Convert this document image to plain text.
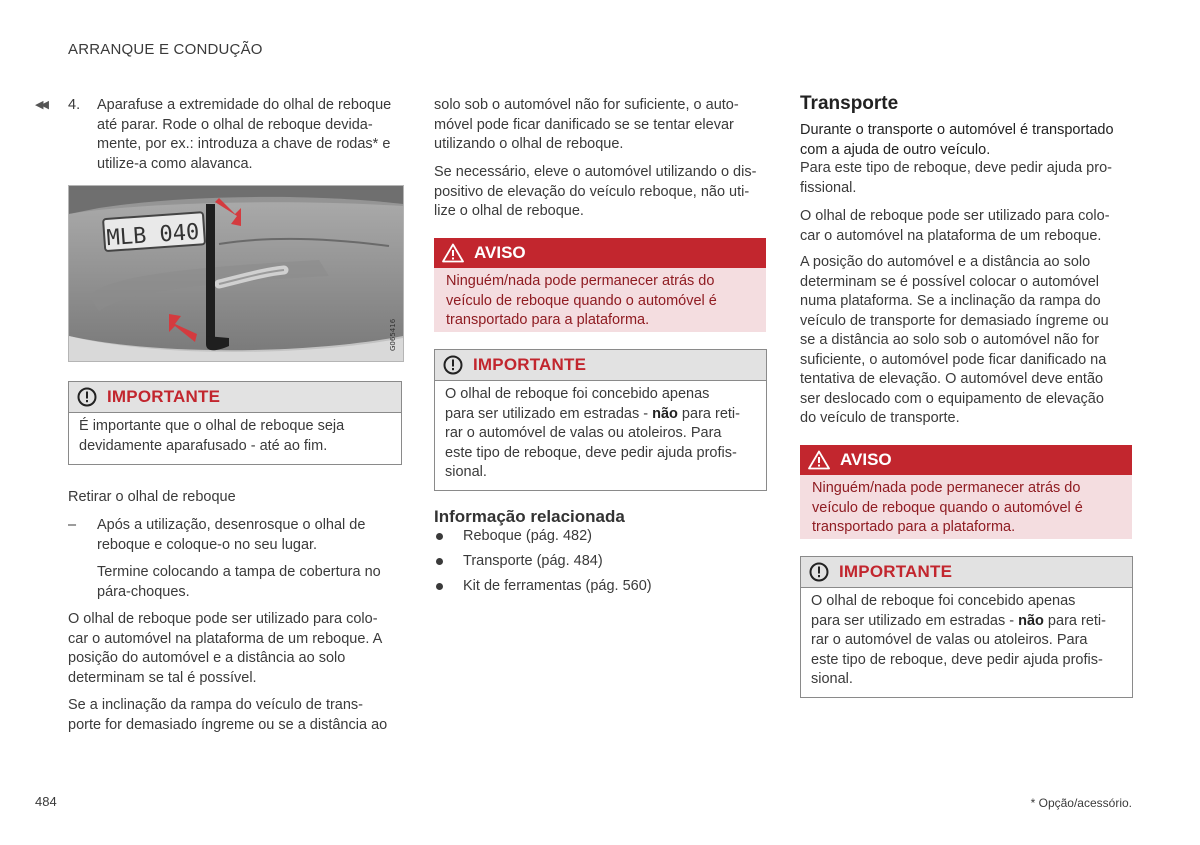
ARRANQUE E CONDUÇÃO
◀◀ 4. Aparafuse a extremidade do olhal de reboque

até parar. Rode o olhal de reboque devida-

mente, por ex.: introduza a chave de rodas* e

utilize-a como alavanca.

MLB 040
G065416
IMPORTANTE

É importante que o olhal de reboque seja

devidamente aparafusado - até ao fim.

Retirar o olhal de reboque

– Após a utilização, desenrosque o olhal de

reboque e coloque-o no seu lugar.

Termine colocando a tampa de cobertura no

pára-choques.

O olhal de reboque pode ser utilizado para colo-

car o automóvel na plataforma de um reboque. A

posição do automóvel e a distância ao solo

determinam se tal é possível.

Se a inclinação da rampa do veículo de trans-

porte for demasiado íngreme ou se a distância ao

solo sob o automóvel não for suficiente, o auto-

móvel pode ficar danificado se se tentar elevar

utilizando o olhal de reboque.

Se necessário, eleve o automóvel utilizando o dis-

positivo de elevação do veículo reboque, não uti-

lize o olhal de reboque.

AVISO

Ninguém/nada pode permanecer atrás do

veículo de reboque quando o automóvel é

transportado para a plataforma.

IMPORTANTE

O olhal de reboque foi concebido apenas

para ser utilizado em estradas - não para reti-

rar o automóvel de valas ou atoleiros. Para

este tipo de reboque, deve pedir ajuda profis-

sional.

Informação relacionada
Reboque (pág. 482)
Transporte (pág. 484)
Kit de ferramentas (pág. 560)
Transporte

Durante o transporte o automóvel é transportado

com a ajuda de outro veículo.

Para este tipo de reboque, deve pedir ajuda pro-

fissional.

O olhal de reboque pode ser utilizado para colo-

car o automóvel na plataforma de um reboque.

A posição do automóvel e a distância ao solo

determinam se é possível colocar o automóvel

numa plataforma. Se a inclinação da rampa do

veículo de transporte for demasiado íngreme ou

se a distância ao solo sob o automóvel não for

suficiente, o automóvel pode ficar danificado na

tentativa de elevação. O automóvel deve então

ser deslocado com o equipamento de elevação

do veículo de transporte.

AVISO

Ninguém/nada pode permanecer atrás do

veículo de reboque quando o automóvel é

transportado para a plataforma.

IMPORTANTE

O olhal de reboque foi concebido apenas

para ser utilizado em estradas - não para reti-

rar o automóvel de valas ou atoleiros. Para

este tipo de reboque, deve pedir ajuda profis-

sional.

484	* Opção/acessório.
